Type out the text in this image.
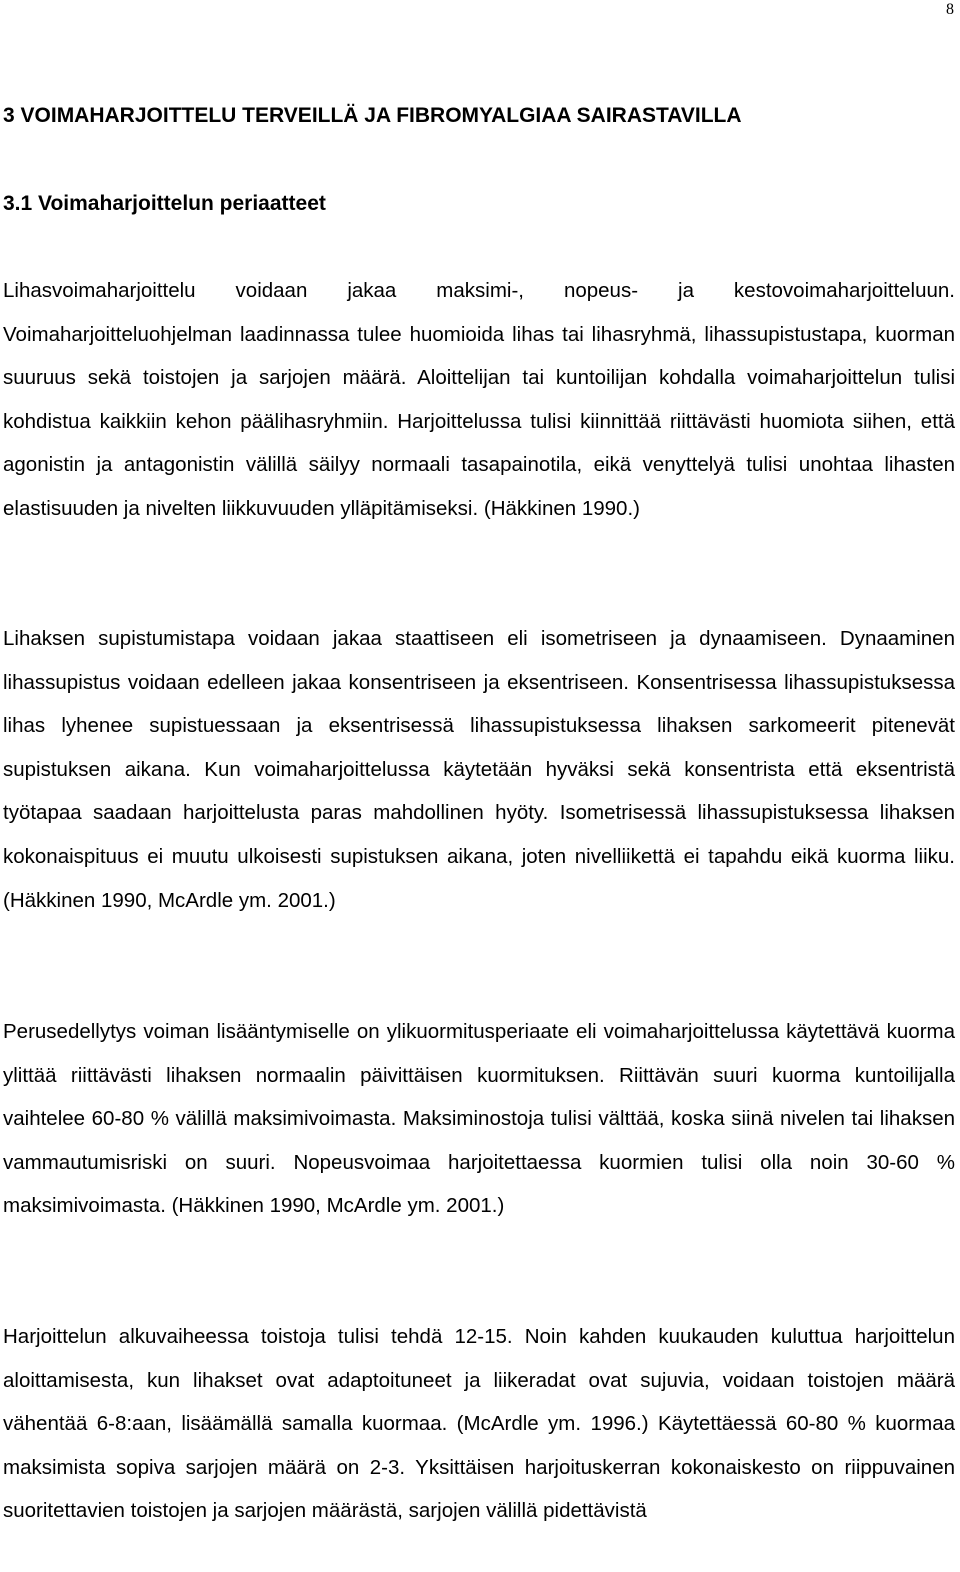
8
3 VOIMAHARJOITTELU TERVEILLÄ JA FIBROMYALGIAA SAIRASTAVILLA
3.1 Voimaharjoittelun periaatteet

Lihasvoimaharjoittelu voidaan jakaa maksimi-, nopeus- ja kestovoimaharjoitteluun. Voimaharjoitteluohjelman laadinnassa tulee huomioida lihas tai lihasryhmä, lihassupistustapa, kuorman suuruus sekä toistojen ja sarjojen määrä. Aloittelijan tai kuntoilijan kohdalla voimaharjoittelun tulisi kohdistua kaikkiin kehon päälihasryhmiin. Harjoittelussa tulisi kiinnittää riittävästi huomiota siihen, että agonistin ja antagonistin välillä säilyy normaali tasapainotila, eikä venyttelyä tulisi unohtaa lihasten elastisuuden ja nivelten liikkuvuuden ylläpitämiseksi. (Häkkinen 1990.)

Lihaksen supistumistapa voidaan jakaa staattiseen eli isometriseen ja dynaamiseen. Dynaaminen lihassupistus voidaan edelleen jakaa konsentriseen ja eksentriseen. Konsentrisessa lihassupistuksessa lihas lyhenee supistuessaan ja eksentrisessä lihassupistuksessa lihaksen sarkomeerit pitenevät supistuksen aikana. Kun voimaharjoittelussa käytetään hyväksi sekä konsentrista että eksentristä työtapaa saadaan harjoittelusta paras mahdollinen hyöty. Isometrisessä lihassupistuksessa lihaksen kokonaispituus ei muutu ulkoisesti supistuksen aikana, joten nivelliikettä ei tapahdu eikä kuorma liiku. (Häkkinen 1990, McArdle ym. 2001.)

Perusedellytys voiman lisääntymiselle on ylikuormitusperiaate eli voimaharjoittelussa käytettävä kuorma ylittää riittävästi lihaksen normaalin päivittäisen kuormituksen. Riittävän suuri kuorma kuntoilijalla vaihtelee 60-80 % välillä maksimivoimasta. Maksiminostoja tulisi välttää, koska siinä nivelen tai lihaksen vammautumisriski on suuri. Nopeusvoimaa harjoitettaessa kuormien tulisi olla noin 30-60 % maksimivoimasta. (Häkkinen 1990, McArdle ym. 2001.)

Harjoittelun alkuvaiheessa toistoja tulisi tehdä 12-15. Noin kahden kuukauden kuluttua harjoittelun aloittamisesta, kun lihakset ovat adaptoituneet ja liikeradat ovat sujuvia, voidaan toistojen määrä vähentää 6-8:aan, lisäämällä samalla kuormaa. (McArdle ym. 1996.) Käytettäessä 60-80 % kuormaa maksimista sopiva sarjojen määrä on 2-3. Yksittäisen harjoituskerran kokonaiskesto on riippuvainen suoritettavien toistojen ja sarjojen määrästä, sarjojen välillä pidettävistä
